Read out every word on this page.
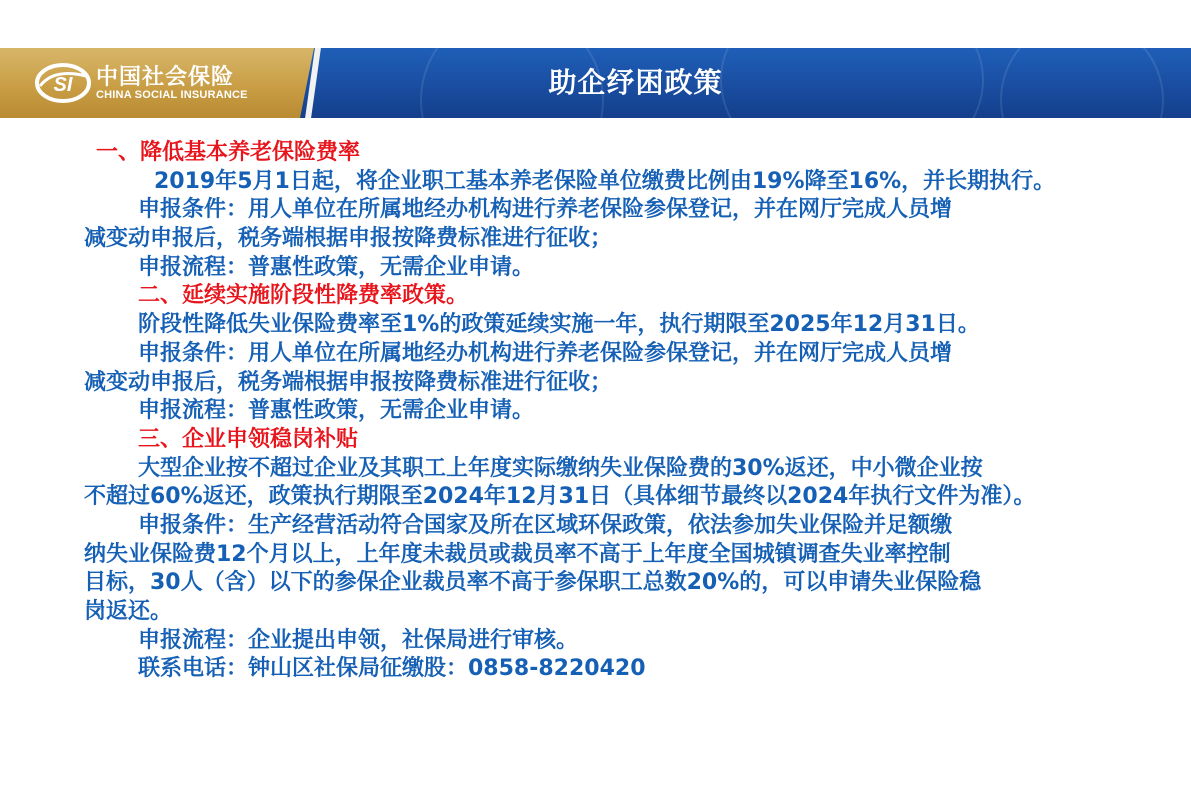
SI 中国社会保险
CHINA SOCIAL INSURANCE	助企纾困政策
一、降低基本养老保险费率
2019年5月1日起，将企业职工基本养老保险单位缴费比例由19%降至16%，并长期执行。
申报条件：用人单位在所属地经办机构进行养老保险参保登记，并在网厅完成人员增
减变动申报后，税务端根据申报按降费标准进行征收；
申报流程：普惠性政策，无需企业申请。
二、延续实施阶段性降费率政策。
阶段性降低失业保险费率至1%的政策延续实施一年，执行期限至2025年12月31日。
申报条件：用人单位在所属地经办机构进行养老保险参保登记，并在网厅完成人员增
减变动申报后，税务端根据申报按降费标准进行征收；
申报流程：普惠性政策，无需企业申请。
三、企业申领稳岗补贴
大型企业按不超过企业及其职工上年度实际缴纳失业保险费的30%返还，中小微企业按
不超过60%返还，政策执行期限至2024年12月31日（具体细节最终以2024年执行文件为准）。
申报条件：生产经营活动符合国家及所在区域环保政策，依法参加失业保险并足额缴
纳失业保险费12个月以上，上年度未裁员或裁员率不高于上年度全国城镇调查失业率控制
目标，30人（含）以下的参保企业裁员率不高于参保职工总数20%的，可以申请失业保险稳
岗返还。
申报流程：企业提出申领，社保局进行审核。
联系电话：钟山区社保局征缴股：0858-8220420
